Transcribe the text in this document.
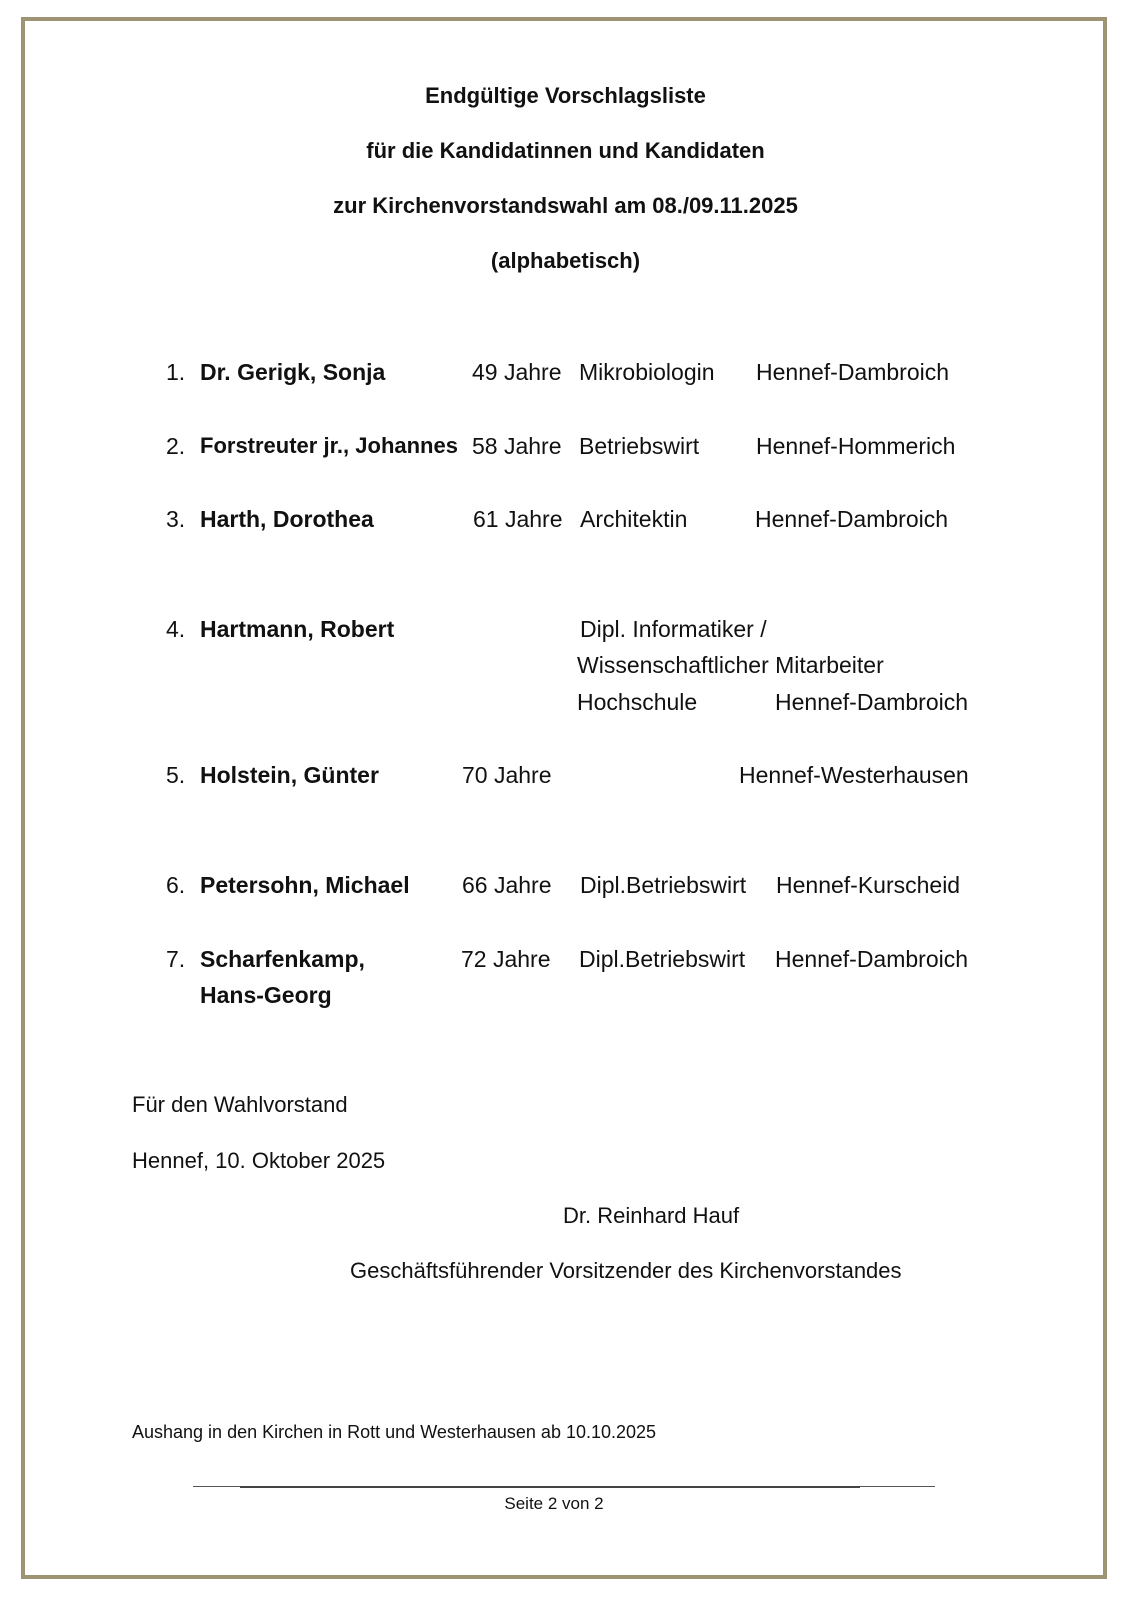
Endgültige Vorschlagsliste
für die Kandidatinnen und Kandidaten
zur Kirchenvorstandswahl am 08./09.11.2025
(alphabetisch)
1. Dr. Gerigk, Sonja	49 Jahre Mikrobiologin Hennef-Dambroich
2. Forstreuter jr., Johannes 58 Jahre Betriebswirt Hennef-Hommerich
3. Harth, Dorothea	61 Jahre Architektin	Hennef-Dambroich
4. Hartmann, Robert	Dipl. Informatiker /
Wissenschaftlicher Mitarbeiter
Hochschule	Hennef-Dambroich
5. Holstein, Günter	70 Jahre	Hennef-Westerhausen
6. Petersohn, Michael 66 Jahre Dipl.Betriebswirt Hennef-Kurscheid
7. Scharfenkamp,
Hans-Georg
72 Jahre Dipl.Betriebswirt Hennef-Dambroich
Für den Wahlvorstand
Hennef, 10. Oktober 2025
Dr. Reinhard Hauf
Geschäftsführender Vorsitzender des Kirchenvorstandes
Aushang in den Kirchen in Rott und Westerhausen ab 10.10.2025
Seite 2 von 2
